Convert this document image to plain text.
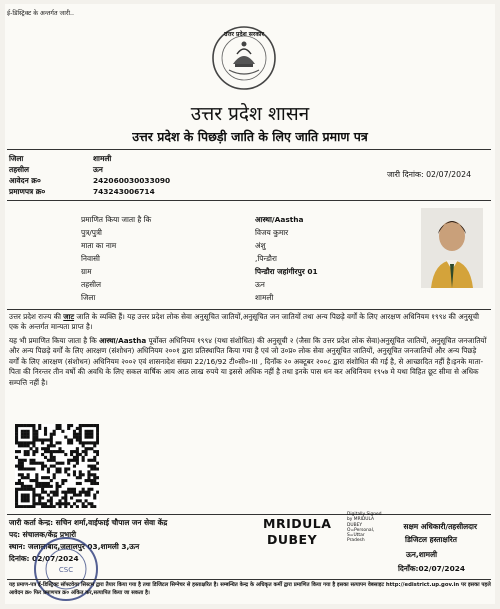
ई-डिस्ट्रिक्ट के अन्तर्गत जारी..
उत्तर प्रदेश सरकार
उत्तर प्रदेश शासन
उत्तर प्रदेश के पिछड़ी जाति के लिए जाति प्रमाण पत्र
जिला	शामली
तहसील	ऊन
आवेदन क्र०	242060030033090
प्रमाणपत्र क्र०	743243006714
जारी दिनांक: 02/07/2024
प्रमाणित किया जाता है कि	आस्था/Aastha
पुत्र/पुत्री	विजय कुमार
माता का नाम	अंशु
निवासी	,पिन्डौरा
ग्राम	पिन्डौरा जहांगीरपुर 01
तहसील	ऊन
जिला	शामली
उत्तर प्रदेश राज्य की जाट जाति के व्यक्ति हैं। यह उत्तर प्रदेश लोक सेवा अनुसूचित जातियों,अनुसूचित जन जातियों तथा अन्य पिछड़े वर्गों के लिए आरक्षण अधिनियम १९९४ की अनुसूची एक के अन्तर्गत मान्यता प्राप्त है।
यह भी प्रमाणित किया जाता है कि आस्था/Aastha पूर्वोक्त अधिनियम १९९४ (यथा संशोधित) की अनुसूची २ (जैसा कि उत्तर प्रदेश लोक सेवा)अनुसूचित जातियों, अनुसूचित जनजातियों और अन्य पिछड़े वर्गों के लिए आरक्षण (संशोधन) अधिनियम २००१ द्वारा प्रतिस्थापित किया गया है एवं जो उ०प्र० लोक सेवा अनुसूचित जातियों, अनुसूचित जनजातियों और अन्य पिछड़े वर्गों के लिए आरक्षण (संशोधन) अधिनियम २००२ एवं शासनादेश संख्या 22/16/92 टी०सी०-III , दिनाँक २० अक्टूबर २००८ द्वारा संशोधित की गई है, से आच्छादित नहीं है।इनके माता-पिता की निरन्तर तीन वर्षो की अवधि के लिए सकल वार्षिक आय आठ लाख रुपये या इससे अधिक नहीं है तथा इनके पास धन कर अधिनियम १९५७ मे यथा विहित छूट सीमा से अधिक सम्पत्ति नहीं है।
जारी कर्ता केन्द्र: सचिन शर्मा,वाईफाई चौपाल जन सेवा केंद्र
पद: संचालक/केंद्र प्रभारी
स्थान: जलालाबाद,जलालपुर 03,शामली 3,ऊन
दिनांक: 02/07/2024
CSC
MRIDULA
DUBEY
Digitally Signed
by MRIDULA
DUBEY
O=Personal,
S=Uttar
Pradesh
सक्षम अधिकारी/तहसीलदार
डिजिटल हस्ताक्षरित
ऊन,शामली
दिनाँक:02/07/2024
यह प्रमाण-पत्र ई-डिस्ट्रिक्ट सॉफ्टवेयर सिस्टम द्वारा तैयार किया गया है तथा डिजिटल सिग्नेचर से हस्ताक्षरित है। सम्बन्धित केन्द्र के अधिकृत कर्मी द्वारा प्रमाणित किया गया है इसका सत्यापन वेबसाइट http://edistrict.up.gov.in पर इसका पहले आवेदन क्र० फिर प्रमाणपत्र क्र० अंकित कर,सत्यापित किया जा सकता है।
